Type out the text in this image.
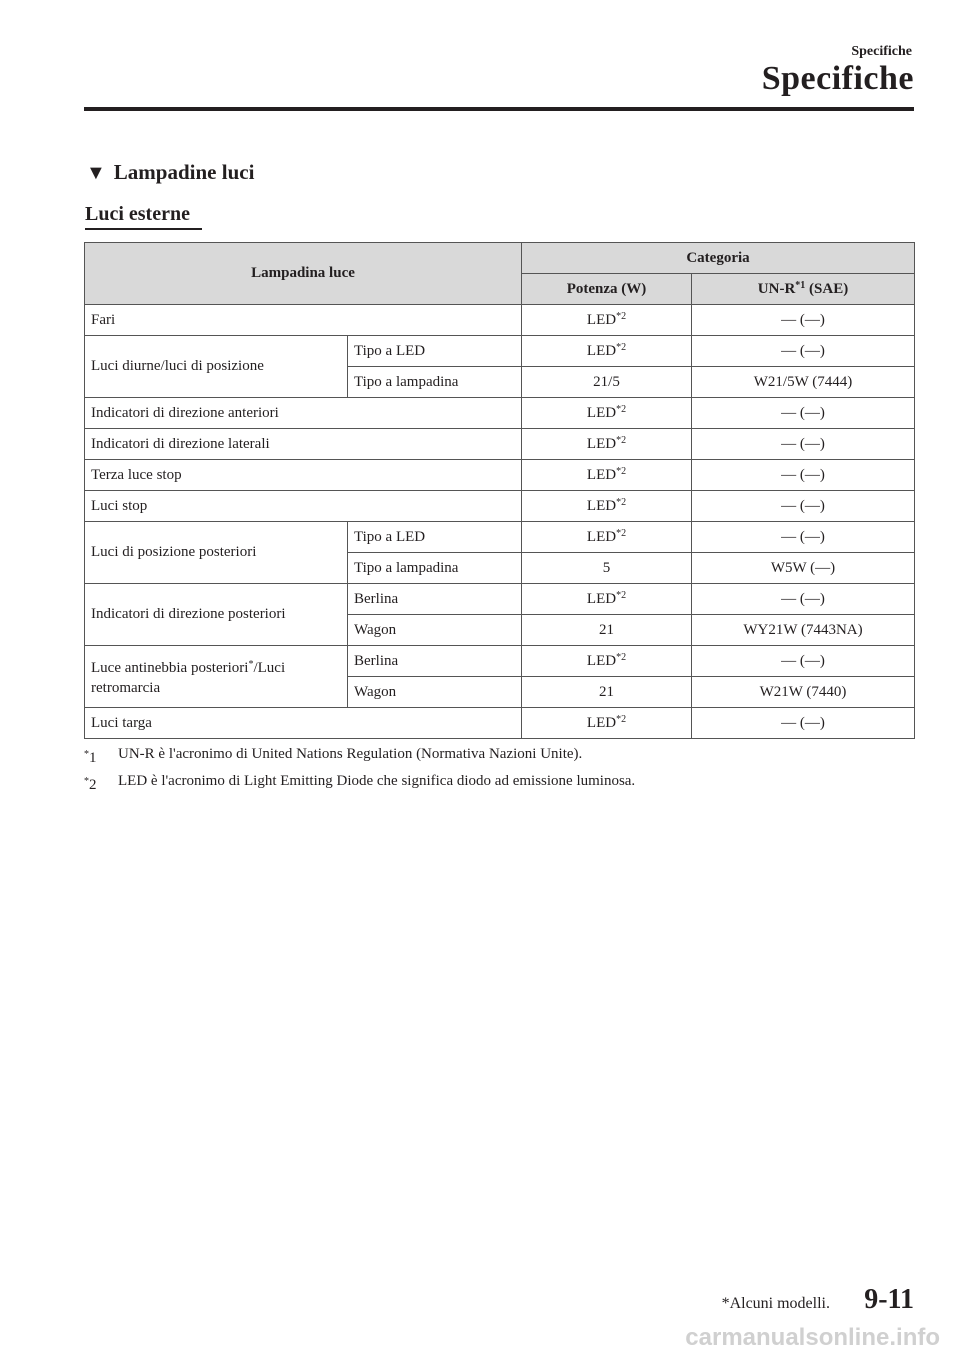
Specifiche
Specifiche
▼ Lampadine luci
Luci esterne
Lampadina luce		Categoria	
		Potenza (W)	$UN-R^{*1}$ (SAE)
Fari		LED$^{*2}$	— (—)
Luci diurne/luci di posizione	Tipo a LED	LED$^{*2}$	— (—)
	Tipo a lampadina	21/5	W21/5W (7444)
Indicatori di direzione anteriori		LED$^{*2}$	— (—)
Indicatori di direzione laterali		LED$^{*2}$	— (—)
Terza luce stop		LED$^{*2}$	— (—)
Luci stop		LED$^{*2}$	— (—)
Luci di posizione posteriori	Tipo a LED	LED$^{*2}$	— (—)
	Tipo a lampadina	5	W5W (—)
Indicatori di direzione posteriori	Berlina	LED$^{*2}$	— (—)
	Wagon	21	WY21W (7443NA)
Luce antinebbia posteriori*/Luci retromarcia	Berlina	LED$^{*2}$	— (—)
	Wagon	21	W21W (7440)
Luci targa		LED$^{*2}$	— (—)
*1	UN-R è l'acronimo di United Nations Regulation (Normativa Nazioni Unite).
*2	LED è l'acronimo di Light Emitting Diode che significa diodo ad emissione luminosa.
*Alcuni modelli. 9-11
carmanualsonline.info
